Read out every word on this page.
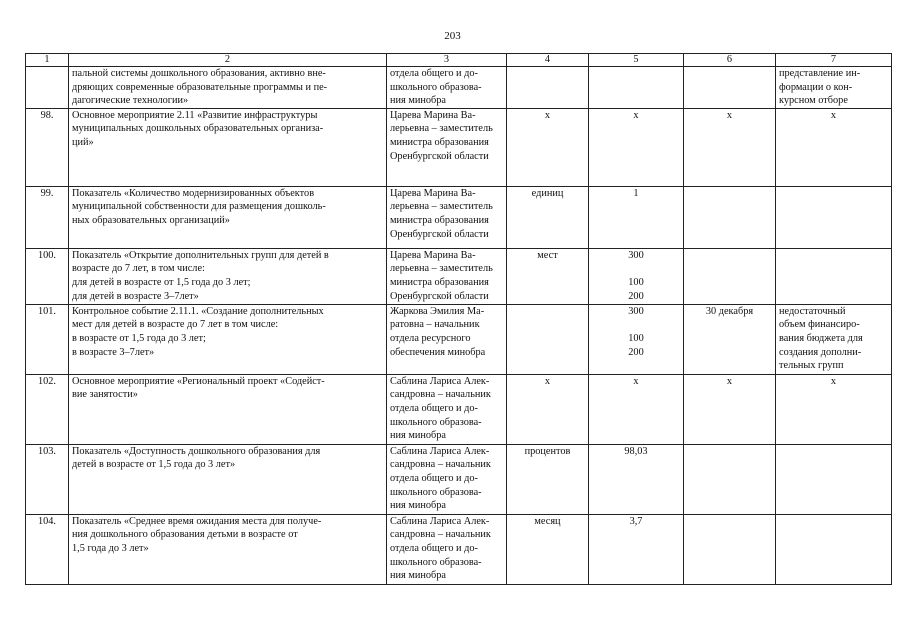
203
1	2	3	4	5	6	7
	пальной системы дошкольного образования, активно вне-
дряющих современные образовательные программы и пе-
дагогические технологии»	отдела общего и до-
школьного образова-
ния минобра				представление ин-
формации о кон-
курсном отборе
98.	Основное мероприятие 2.11 «Развитие инфраструктуры
муниципальных дошкольных образовательных организа-
ций»	Царева Марина Ва-
лерьевна – заместитель
министра образования
Оренбургской области	х	х	х	х
99.	Показатель «Количество модернизированных объектов
муниципальной собственности для размещения дошколь-
ных образовательных организаций»	Царева Марина Ва-
лерьевна – заместитель
министра образования
Оренбургской области	единиц	1		
100.	Показатель «Открытие дополнительных групп для детей в
возрасте до 7 лет, в том числе:
для детей в возрасте от 1,5 года до 3 лет;
для детей в возрасте 3–7лет»	Царева Марина Ва-
лерьевна – заместитель
министра образования
Оренбургской области	мест	300

100
200		
101.	Контрольное событие 2.11.1. «Создание дополнительных
мест для детей в возрасте до 7 лет в том числе:
в возрасте от 1,5 года до 3 лет;
в возрасте 3–7лет»	Жаркова Эмилия Ма-
ратовна – начальник
отдела ресурсного
обеспечения минобра		300

100
200	30 декабря	недостаточный
объем финансиро-
вания бюджета для
создания дополни-
тельных групп
102.	Основное мероприятие «Региональный проект «Содейст-
вие занятости»	Саблина Лариса Алек-
сандровна – начальник
отдела общего и до-
школьного образова-
ния минобра	х	х	х	х
103.	Показатель «Доступность дошкольного образования для
детей в возрасте от 1,5 года до 3 лет»	Саблина Лариса Алек-
сандровна – начальник
отдела общего и до-
школьного образова-
ния минобра	процентов	98,03		
104.	Показатель «Среднее время ожидания места для получе-
ния дошкольного образования детьми в возрасте от
1,5 года до 3 лет»	Саблина Лариса Алек-
сандровна – начальник
отдела общего и до-
школьного образова-
ния минобра	месяц	3,7		
